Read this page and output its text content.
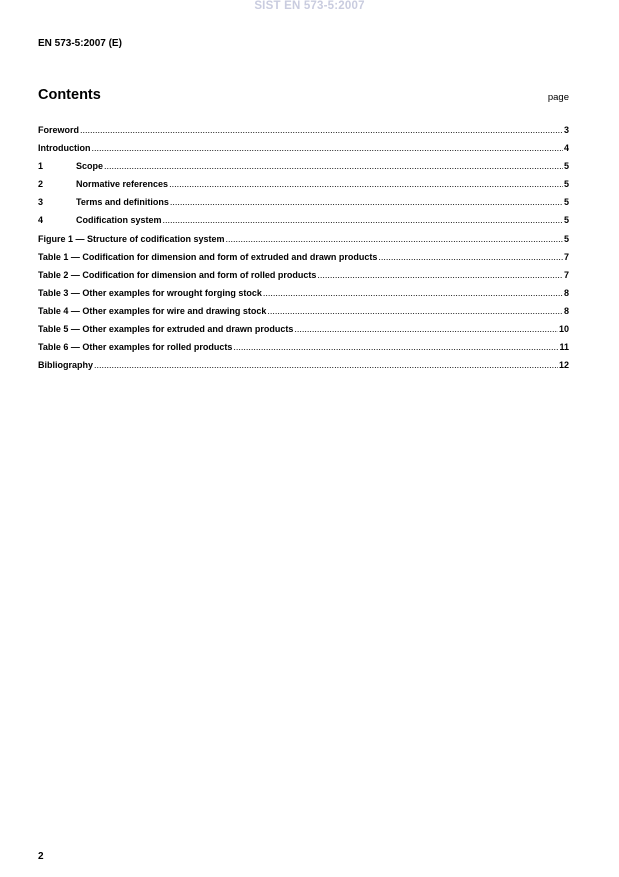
SIST EN 573-5:2007
EN 573-5:2007 (E)
Contents	page
Foreword .....	3
Introduction .....	4
1	Scope .....	5
2	Normative references .....	5
3	Terms and definitions .....	5
4	Codification system .....	5
Figure 1 — Structure of codification system .....	5
Table 1 — Codification for dimension and form of extruded and drawn products .....	7
Table 2 — Codification for dimension and form of rolled products .....	7
Table 3 — Other examples for wrought forging stock .....	8
Table 4 — Other examples for wire and drawing stock .....	8
Table 5 — Other examples for extruded and drawn products .....	10
Table 6 — Other examples for rolled products .....	11
Bibliography .....	12
2
